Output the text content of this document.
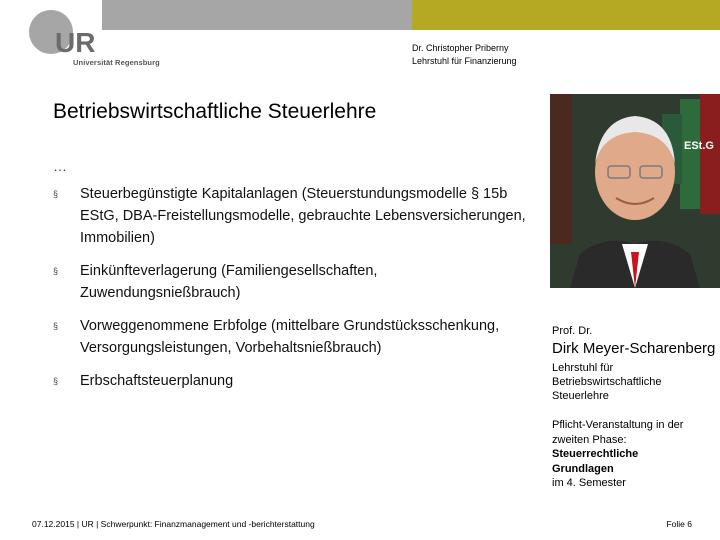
UR
Universität Regensburg
Dr. Christopher Priberny
Lehrstuhl für Finanzierung
Betriebswirtschaftliche Steuerlehre
…
§ Steuerbegünstigte Kapitalanlagen (Steuerstundungsmodelle § 15b EStG, DBA-Freistellungsmodelle, gebrauchte Lebensversicherungen, Immobilien)
§ Einkünfteverlagerung (Familiengesellschaften, Zuwendungsnießbrauch)
§ Vorweggenommene Erbfolge (mittelbare Grundstücksschenkung, Versorgungsleistungen, Vorbehaltsnießbrauch)
§ Erbschaftsteuerplanung
ESt.G
Prof. Dr.
Dirk Meyer-Scharenberg
Lehrstuhl für
Betriebswirtschaftliche
Steuerlehre
Pflicht-Veranstaltung in der
zweiten Phase:
Steuerrechtliche
Grundlagen
im 4. Semester
07.12.2015 | UR | Schwerpunkt: Finanzmanagement und -berichterstattung	Folie 6
